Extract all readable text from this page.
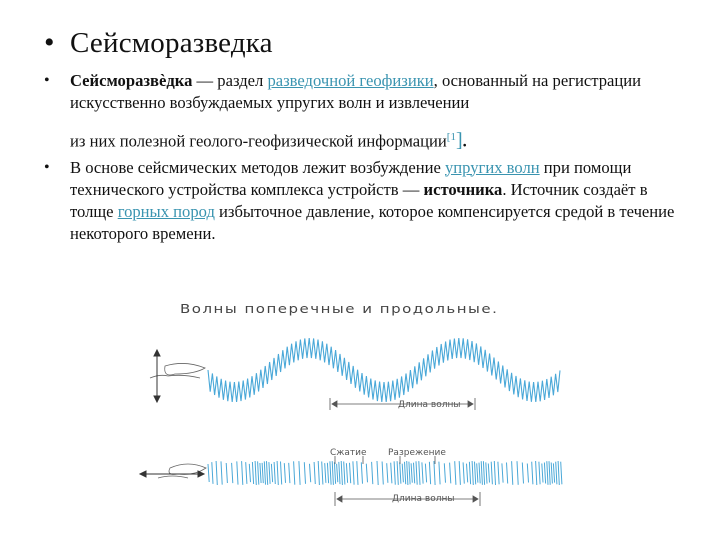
• Сейсморазведка
•	Сейсморазвѐдка — раздел разведочной геофизики, основанный на регистрации искусственно возбуждаемых упругих волн и извлечении
из них полезной геолого-геофизической информации$^{[1}$].
•	В основе сейсмических методов лежит возбуждение упругих волн при помощи технического устройства комплекса устройств — источника. Источник создаёт в толще горных пород избыточное давление, которое компенсируется средой в течение некоторого времени.
Волны поперечные и продольные.
Длина волны
Сжатие Разрежение
Длина волны
